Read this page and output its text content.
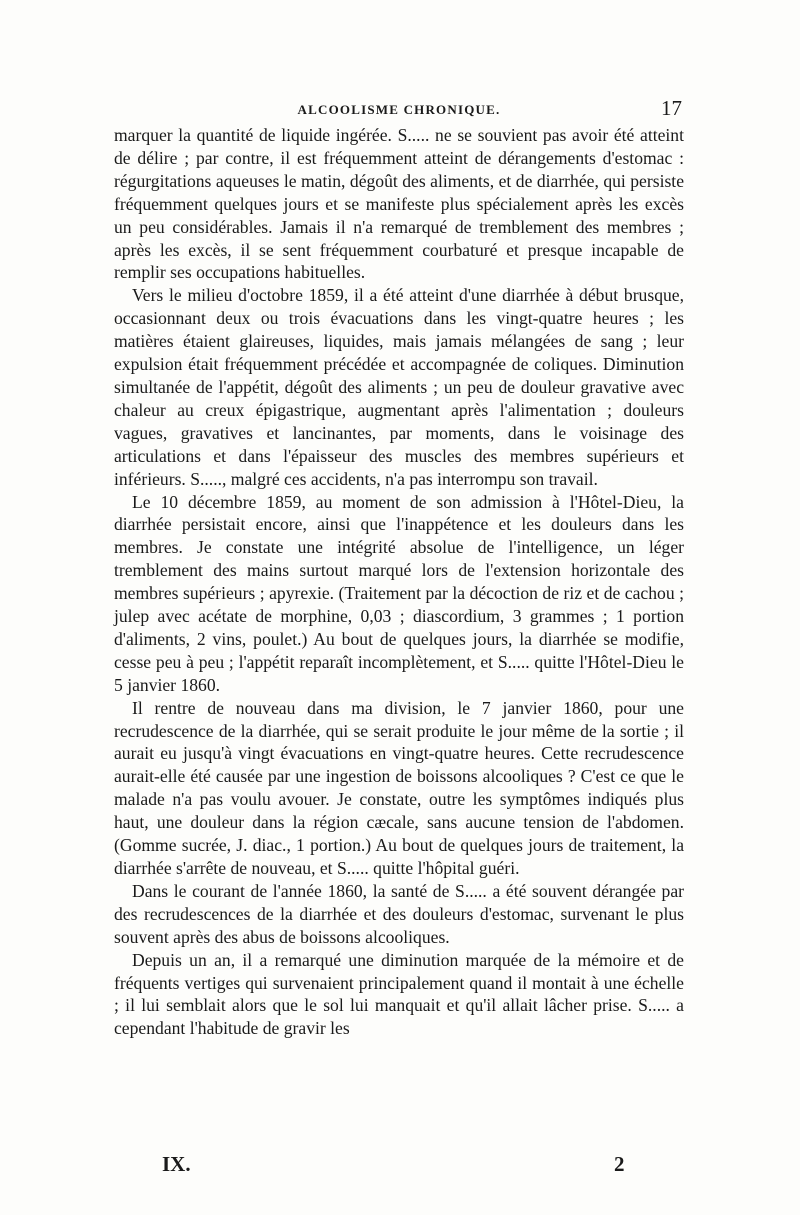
ALCOOLISME CHRONIQUE.	17

marquer la quantité de liquide ingérée. S..... ne se souvient pas avoir été atteint de délire ; par contre, il est fréquemment atteint de dérangements d'estomac : régurgitations aqueuses le matin, dégoût des aliments, et de diarrhée, qui persiste fréquemment quelques jours et se manifeste plus spécialement après les excès un peu considérables. Jamais il n'a remarqué de tremblement des membres ; après les excès, il se sent fréquemment courbaturé et presque incapable de remplir ses occupations habituelles.

Vers le milieu d'octobre 1859, il a été atteint d'une diarrhée à début brusque, occasionnant deux ou trois évacuations dans les vingt-quatre heures ; les matières étaient glaireuses, liquides, mais jamais mélangées de sang ; leur expulsion était fréquemment précédée et accompagnée de coliques. Diminution simultanée de l'appétit, dégoût des aliments ; un peu de douleur gravative avec chaleur au creux épigastrique, augmentant après l'alimentation ; douleurs vagues, gravatives et lancinantes, par moments, dans le voisinage des articulations et dans l'épaisseur des muscles des membres supérieurs et inférieurs. S....., malgré ces accidents, n'a pas interrompu son travail.

Le 10 décembre 1859, au moment de son admission à l'Hôtel-Dieu, la diarrhée persistait encore, ainsi que l'inappétence et les douleurs dans les membres. Je constate une intégrité absolue de l'intelligence, un léger tremblement des mains surtout marqué lors de l'extension horizontale des membres supérieurs ; apyrexie. (Traitement par la décoction de riz et de cachou ; julep avec acétate de morphine, 0,03 ; diascordium, 3 grammes ; 1 portion d'aliments, 2 vins, poulet.) Au bout de quelques jours, la diarrhée se modifie, cesse peu à peu ; l'appétit reparaît incomplètement, et S..... quitte l'Hôtel-Dieu le 5 janvier 1860.

Il rentre de nouveau dans ma division, le 7 janvier 1860, pour une recrudescence de la diarrhée, qui se serait produite le jour même de la sortie ; il aurait eu jusqu'à vingt évacuations en vingt-quatre heures. Cette recrudescence aurait-elle été causée par une ingestion de boissons alcooliques ? C'est ce que le malade n'a pas voulu avouer. Je constate, outre les symptômes indiqués plus haut, une douleur dans la région cæcale, sans aucune tension de l'abdomen. (Gomme sucrée, J. diac., 1 portion.) Au bout de quelques jours de traitement, la diarrhée s'arrête de nouveau, et S..... quitte l'hôpital guéri.

Dans le courant de l'année 1860, la santé de S..... a été souvent dérangée par des recrudescences de la diarrhée et des douleurs d'estomac, survenant le plus souvent après des abus de boissons alcooliques.

Depuis un an, il a remarqué une diminution marquée de la mémoire et de fréquents vertiges qui survenaient principalement quand il montait à une échelle ; il lui semblait alors que le sol lui manquait et qu'il allait lâcher prise. S..... a cependant l'habitude de gravir les

IX.	2
